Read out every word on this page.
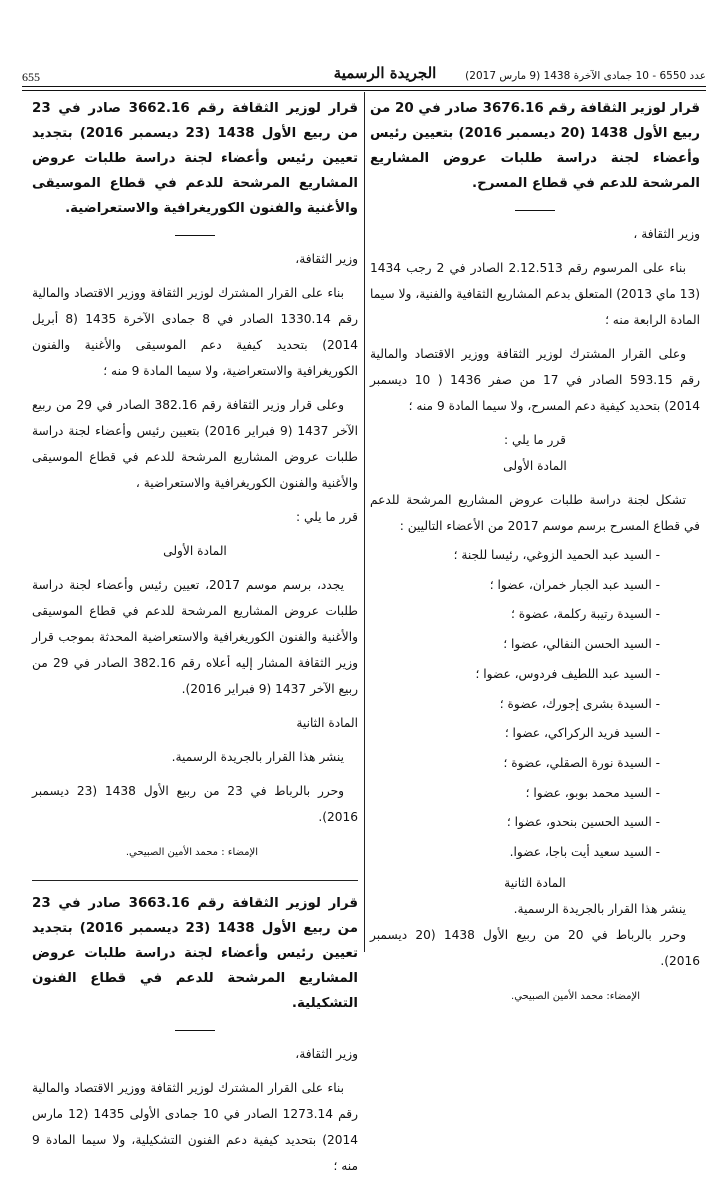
655	الجريدة الرسمية	عدد 6550 - 10 جمادى الآخرة 1438 (9 مارس 2017)

قرار لوزير الثقافة رقم 3676.16 صادر في 20 من ربيع الأول 1438 (20 ديسمبر 2016) بتعيين رئيس وأعضاء لجنة دراسة طلبات عروض المشاريع المرشحة للدعم في قطاع المسرح.

وزير الثقافة ،

بناء على المرسوم رقم 2.12.513 الصادر في 2 رجب 1434 (13 ماي 2013) المتعلق بدعم المشاريع الثقافية والفنية، ولا سيما المادة الرابعة منه ؛

وعلى القرار المشترك لوزير الثقافة ووزير الاقتصاد والمالية رقم 593.15 الصادر في 17 من صفر 1436 ( 10 ديسمبر 2014) بتحديد كيفية دعم المسرح، ولا سيما المادة 9 منه ؛

قرر ما يلي :

المادة الأولى

تشكل لجنة دراسة طلبات عروض المشاريع المرشحة للدعم في قطاع المسرح برسم موسم 2017 من الأعضاء التاليين :

- السيد عبد الحميد الزوغي، رئيسا للجنة ؛
- السيد عبد الجبار خمران، عضوا ؛
- السيدة رتيبة ركلمة، عضوة ؛
- السيد الحسن النفالي، عضوا ؛
- السيد عبد اللطيف فردوس، عضوا ؛
- السيدة بشرى إجورك، عضوة ؛
- السيد فريد الركراكي، عضوا ؛
- السيدة نورة الصقلي، عضوة ؛
- السيد محمد بوبو، عضوا ؛
- السيد الحسين بنحدو، عضوا ؛
- السيد سعيد أيت باجا، عضوا.

المادة الثانية

ينشر هذا القرار بالجريدة الرسمية.

وحرر بالرباط في 20 من ربيع الأول 1438 (20 ديسمبر 2016).

الإمضاء: محمد الأمين الصبيحي.

قرار لوزير الثقافة رقم 3662.16 صادر في 23 من ربيع الأول 1438 (23 ديسمبر 2016) بتجديد تعيين رئيس وأعضاء لجنة دراسة طلبات عروض المشاريع المرشحة للدعم في قطاع الموسيقى والأغنية والفنون الكوريغرافية والاستعراضية.

وزير الثقافة،

بناء على القرار المشترك لوزير الثقافة ووزير الاقتصاد والمالية رقم 1330.14 الصادر في 8 جمادى الآخرة 1435 (8 أبريل 2014) بتحديد كيفية دعم الموسيقى والأغنية والفنون الكوريغرافية والاستعراضية، ولا سيما المادة 9 منه ؛

وعلى قرار وزير الثقافة رقم 382.16 الصادر في 29 من ربيع الآخر 1437 (9 فبراير 2016) بتعيين رئيس وأعضاء لجنة دراسة طلبات عروض المشاريع المرشحة للدعم في قطاع الموسيقى والأغنية والفنون الكوريغرافية والاستعراضية ،

قرر ما يلي :

المادة الأولى

يجدد، برسم موسم 2017، تعيين رئيس وأعضاء لجنة دراسة طلبات عروض المشاريع المرشحة للدعم في قطاع الموسيقى والأغنية والفنون الكوريغرافية والاستعراضية المحدثة بموجب قرار وزير الثقافة المشار إليه أعلاه رقم 382.16 الصادر في 29 من ربيع الآخر 1437 (9 فبراير 2016).

المادة الثانية

ينشر هذا القرار بالجريدة الرسمية.

وحرر بالرباط في 23 من ربيع الأول 1438 (23 ديسمبر 2016).

الإمضاء : محمد الأمين الصبيحي.

قرار لوزير الثقافة رقم 3663.16 صادر في 23 من ربيع الأول 1438 (23 ديسمبر 2016) بتجديد تعيين رئيس وأعضاء لجنة دراسة طلبات عروض المشاريع المرشحة للدعم في قطاع الفنون التشكيلية.

وزير الثقافة،

بناء على القرار المشترك لوزير الثقافة ووزير الاقتصاد والمالية رقم 1273.14 الصادر في 10 جمادى الأولى 1435 (12 مارس 2014) بتحديد كيفية دعم الفنون التشكيلية، ولا سيما المادة 9 منه ؛
